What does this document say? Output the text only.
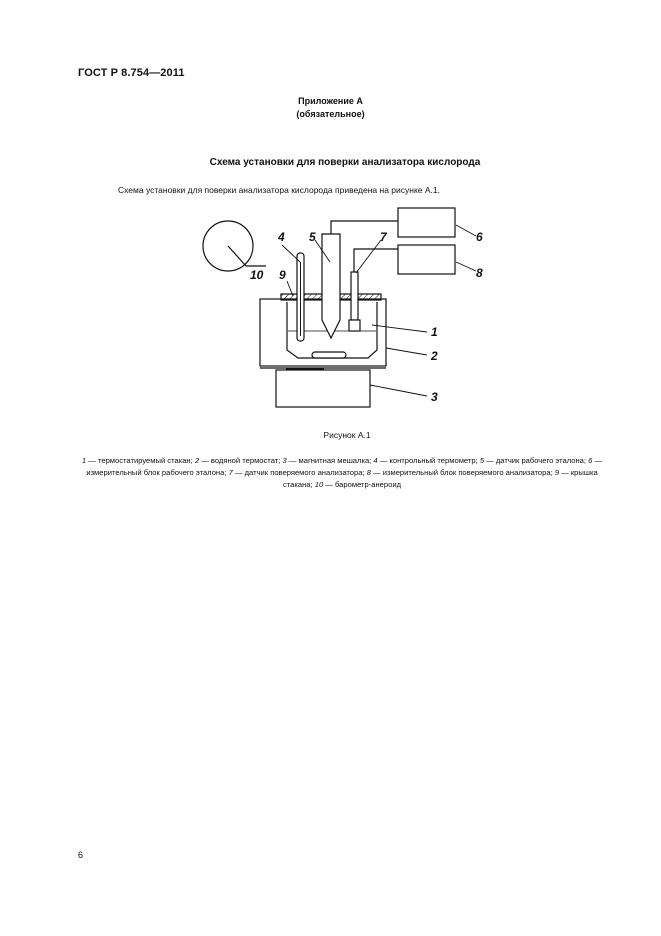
ГОСТ Р 8.754—2011
Приложение А
(обязательное)
Схема установки для поверки анализатора кислорода
Схема установки для поверки анализатора кислорода приведена на рисунке А.1.
4 5	7	6
8
10 9
1
2
3
Рисунок А.1
1 — термостатируемый стакан; 2 — водяной термостат; 3 — магнитная мешалка; 4 — контрольный термометр; 5 — датчик рабочего эталона; 6 — измерительный блок рабочего эталона; 7 — датчик поверяемого анализатора; 8 — измерительный блок поверяемого анализатора; 9 — крышка стакана; 10 — барометр-анероид
6
